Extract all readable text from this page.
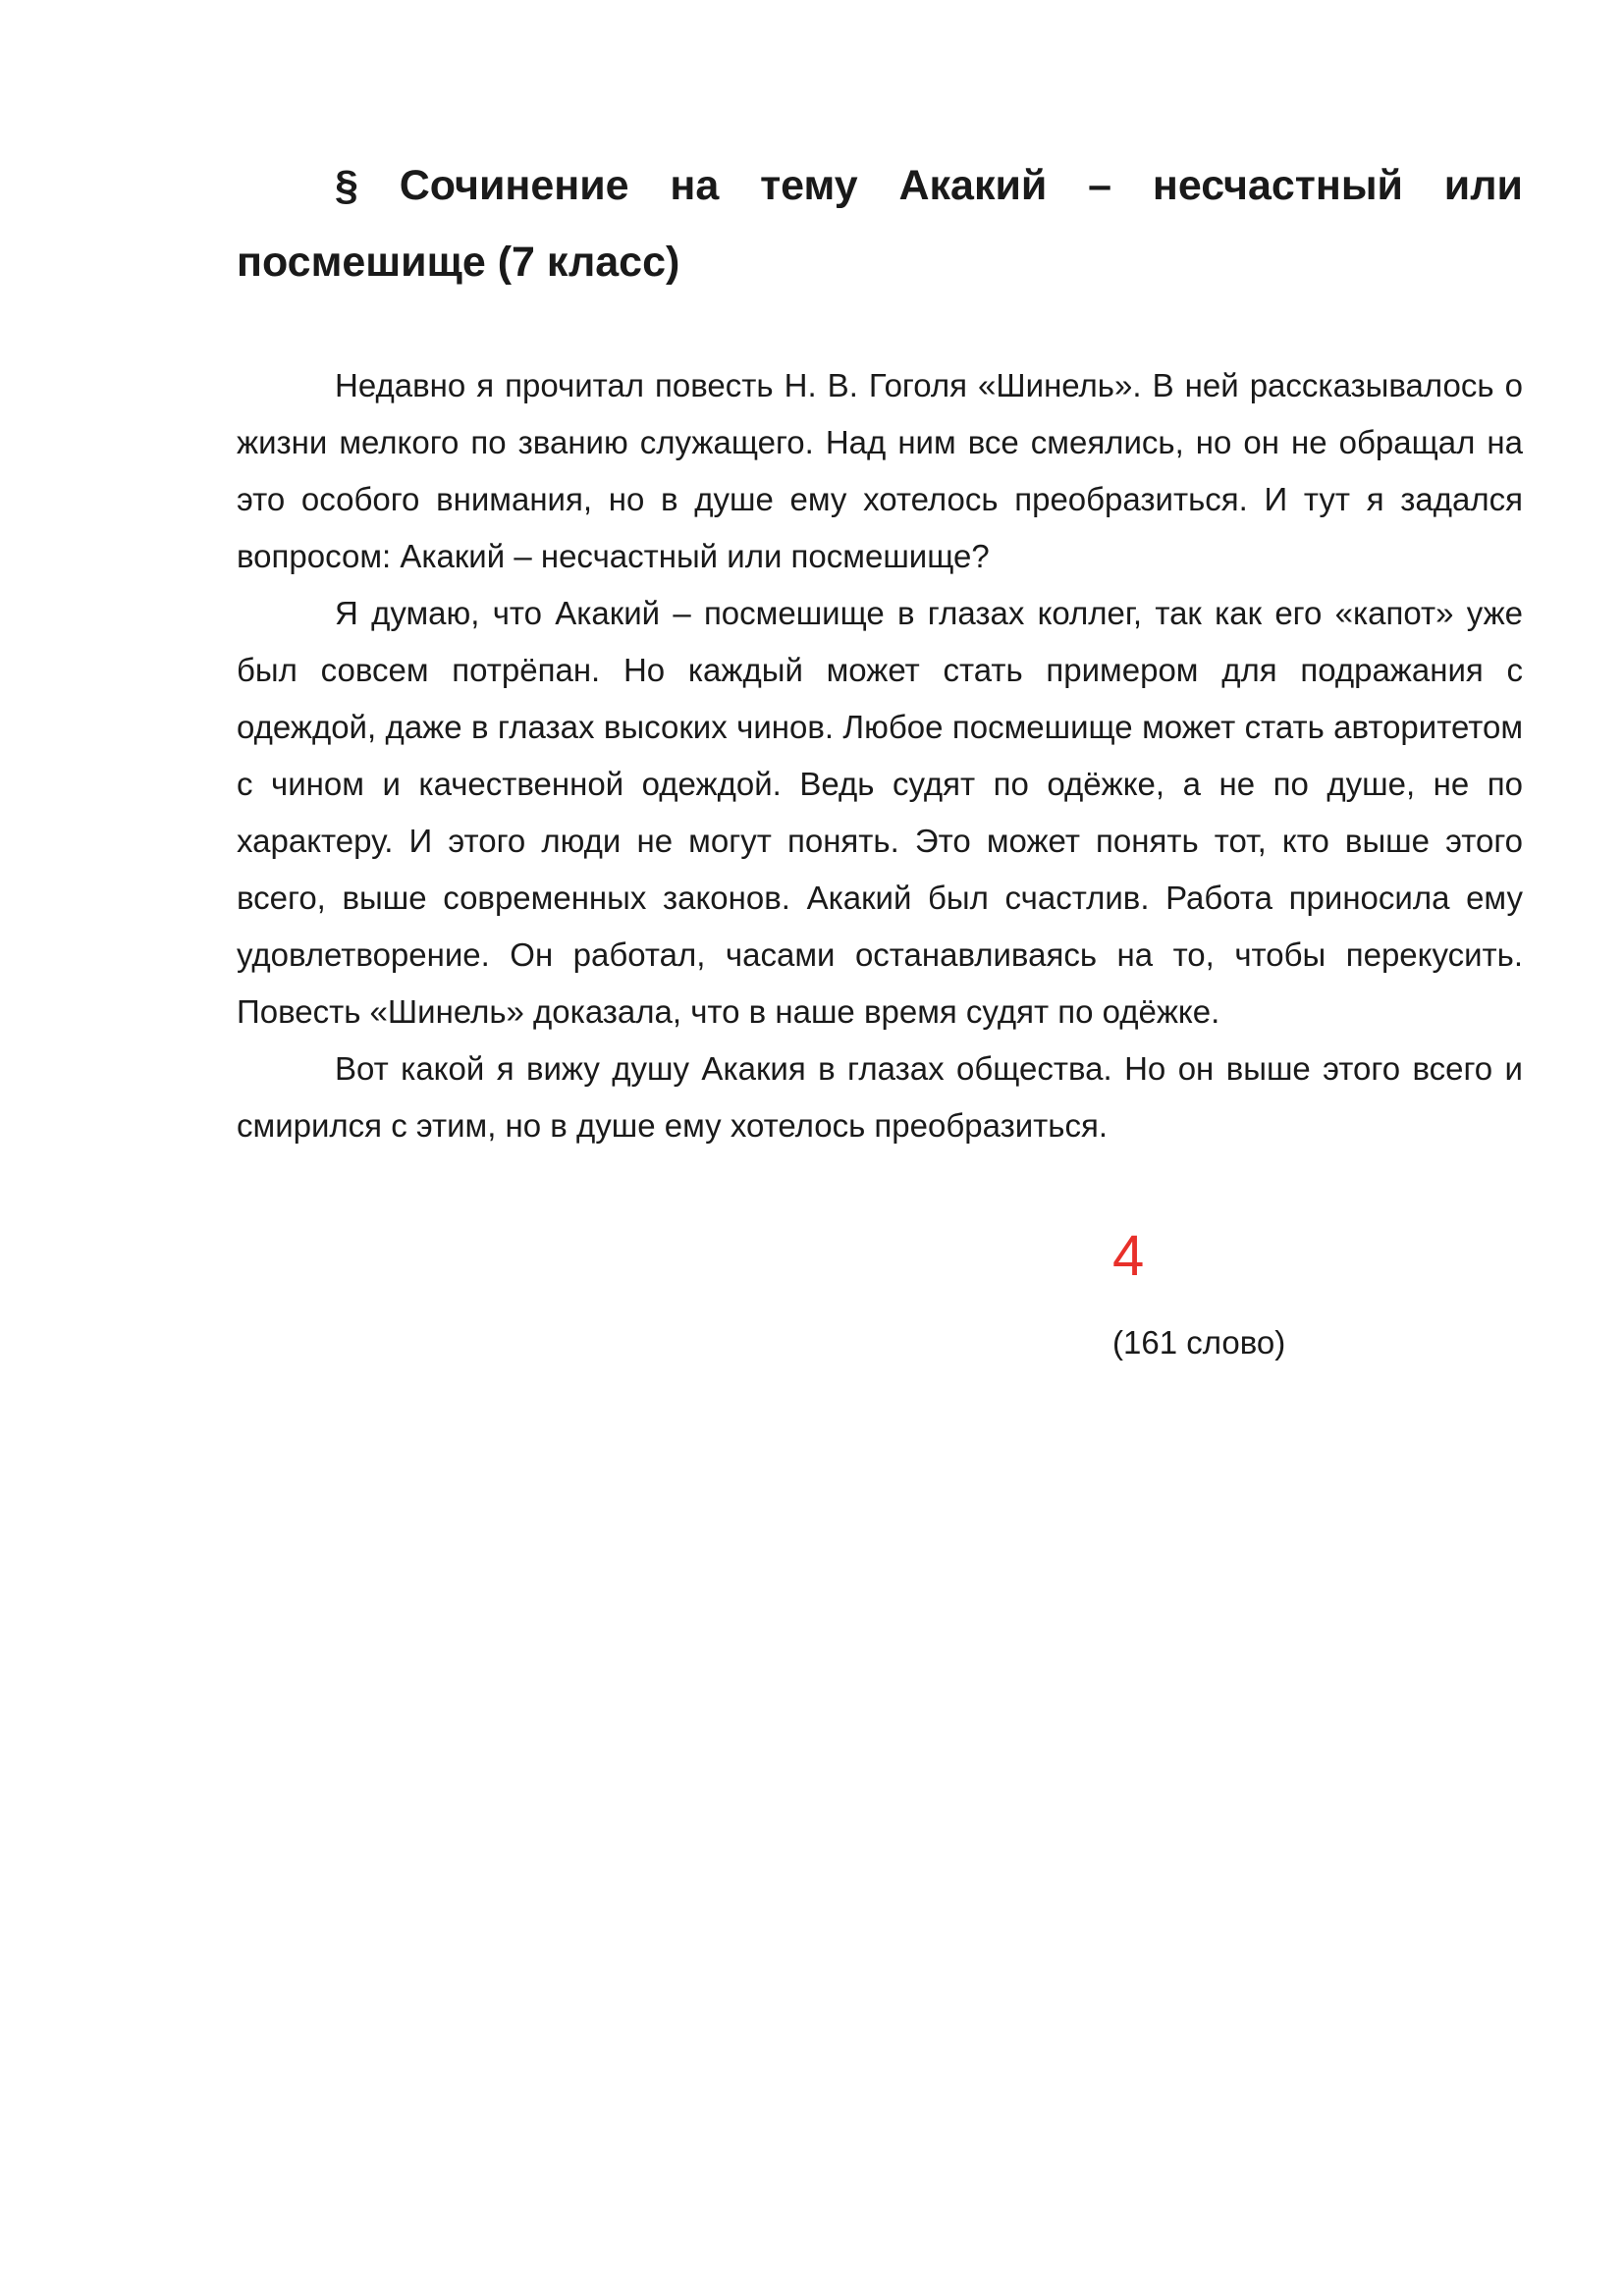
§ Сочинение на тему Акакий – несчастный или посмешище (7 класс)

Недавно я прочитал повесть Н. В. Гоголя «Шинель». В ней рассказывалось о жизни мелкого по званию служащего. Над ним все смеялись, но он не обращал на это особого внимания, но в душе ему хотелось преобразиться. И тут я задался вопросом: Акакий – несчастный или посмешище?

Я думаю, что Акакий – посмешище в глазах коллег, так как его «капот» уже был совсем потрёпан. Но каждый может стать примером для подражания с одеждой, даже в глазах высоких чинов. Любое посмешище может стать авторитетом с чином и качественной одеждой. Ведь судят по одёжке, а не по душе, не по характеру. И этого люди не могут понять. Это может понять тот, кто выше этого всего, выше современных законов. Акакий был счастлив. Работа приносила ему удовлетворение. Он работал, часами останавливаясь на то, чтобы перекусить. Повесть «Шинель» доказала, что в наше время судят по одёжке.

Вот какой я вижу душу Акакия в глазах общества. Но он выше этого всего и смирился с этим, но в душе ему хотелось преобразиться.

4
(161 слово)
